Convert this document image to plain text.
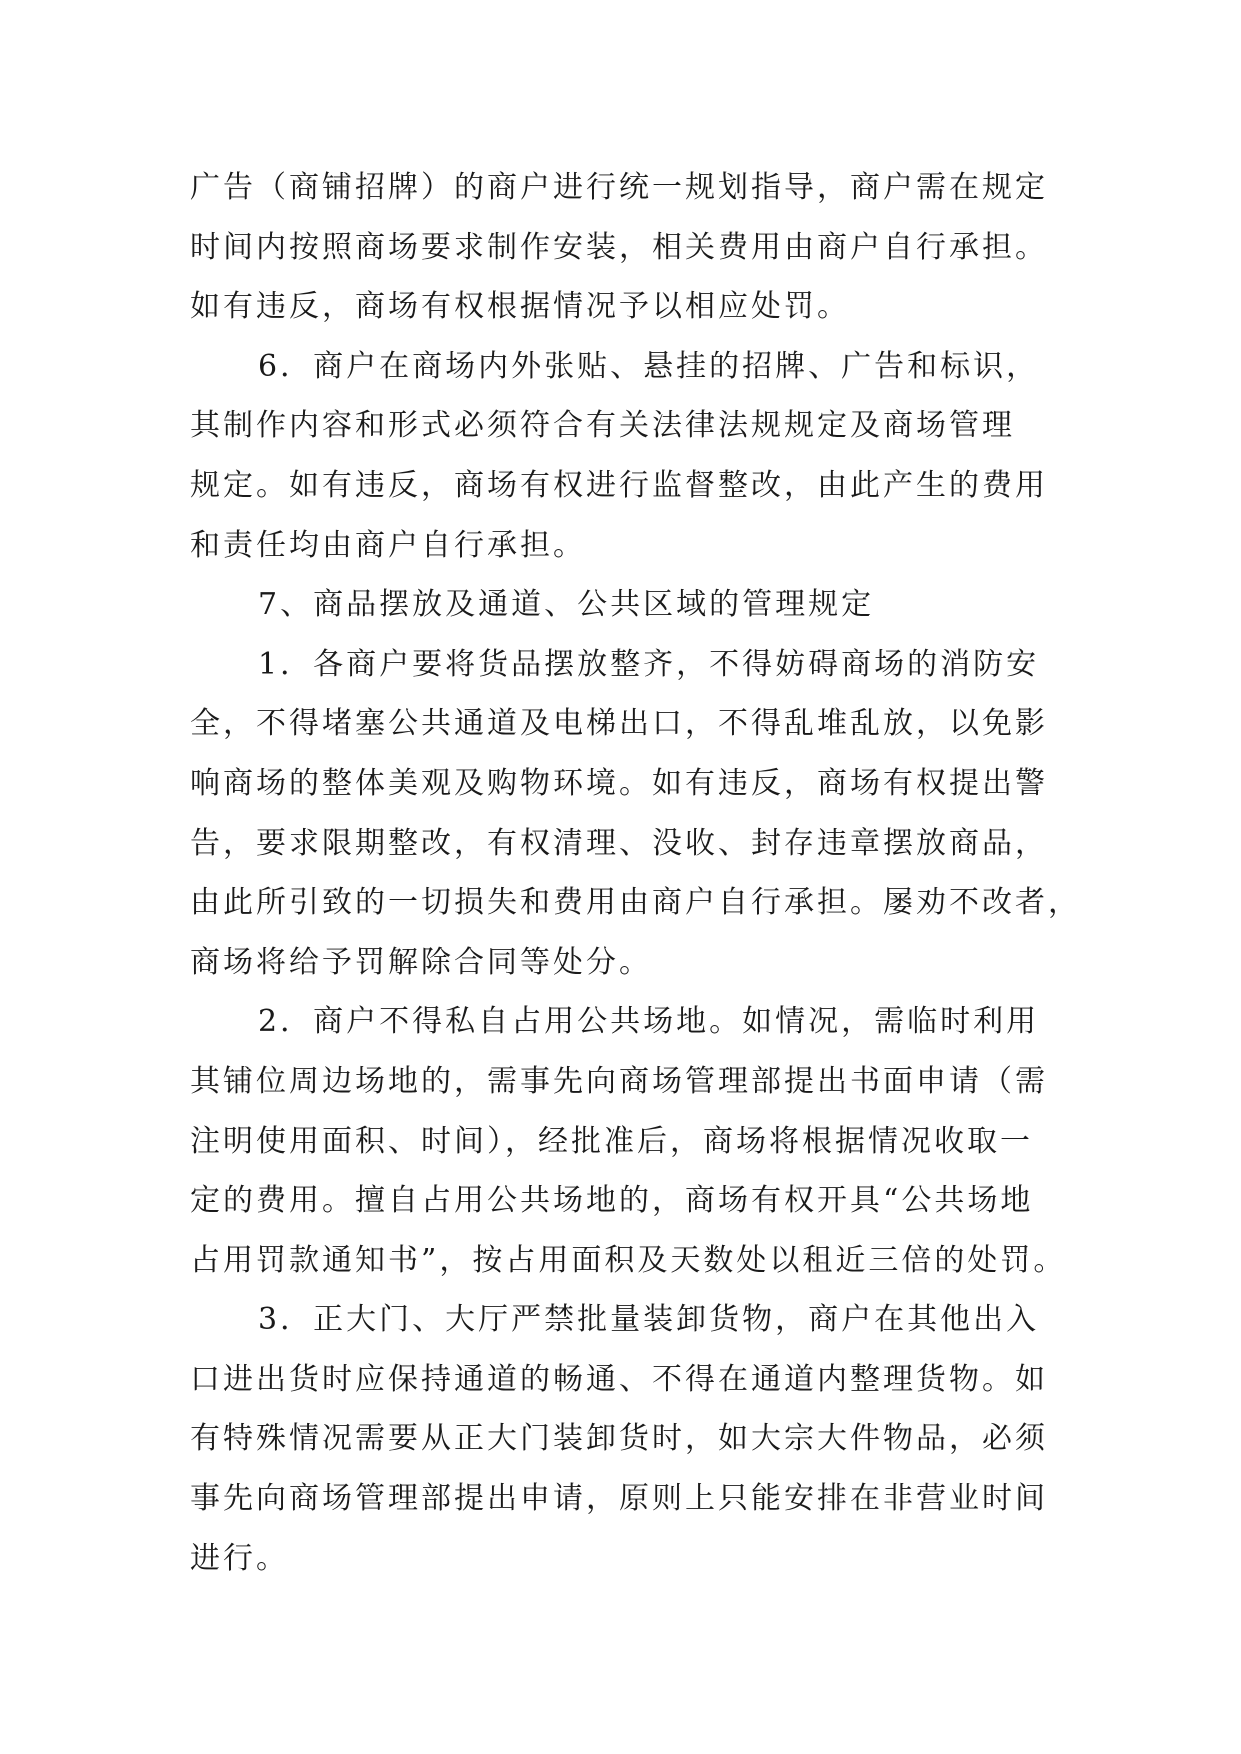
广告（商铺招牌）的商户进行统一规划指导，商户需在规定
时间内按照商场要求制作安装，相关费用由商户自行承担。
如有违反，商场有权根据情况予以相应处罚。
6．商户在商场内外张贴、悬挂的招牌、广告和标识，
其制作内容和形式必须符合有关法律法规规定及商场管理
规定。如有违反，商场有权进行监督整改，由此产生的费用
和责任均由商户自行承担。
7、商品摆放及通道、公共区域的管理规定
1．各商户要将货品摆放整齐，不得妨碍商场的消防安
全，不得堵塞公共通道及电梯出口，不得乱堆乱放，以免影
响商场的整体美观及购物环境。如有违反，商场有权提出警
告，要求限期整改，有权清理、没收、封存违章摆放商品，
由此所引致的一切损失和费用由商户自行承担。屡劝不改者，
商场将给予罚解除合同等处分。
2．商户不得私自占用公共场地。如情况，需临时利用
其铺位周边场地的，需事先向商场管理部提出书面申请（需
注明使用面积、时间），经批准后，商场将根据情况收取一
定的费用。擅自占用公共场地的，商场有权开具“公共场地
占用罚款通知书”，按占用面积及天数处以租近三倍的处罚。
3．正大门、大厅严禁批量装卸货物，商户在其他出入
口进出货时应保持通道的畅通、不得在通道内整理货物。如
有特殊情况需要从正大门装卸货时，如大宗大件物品，必须
事先向商场管理部提出申请，原则上只能安排在非营业时间
进行。
